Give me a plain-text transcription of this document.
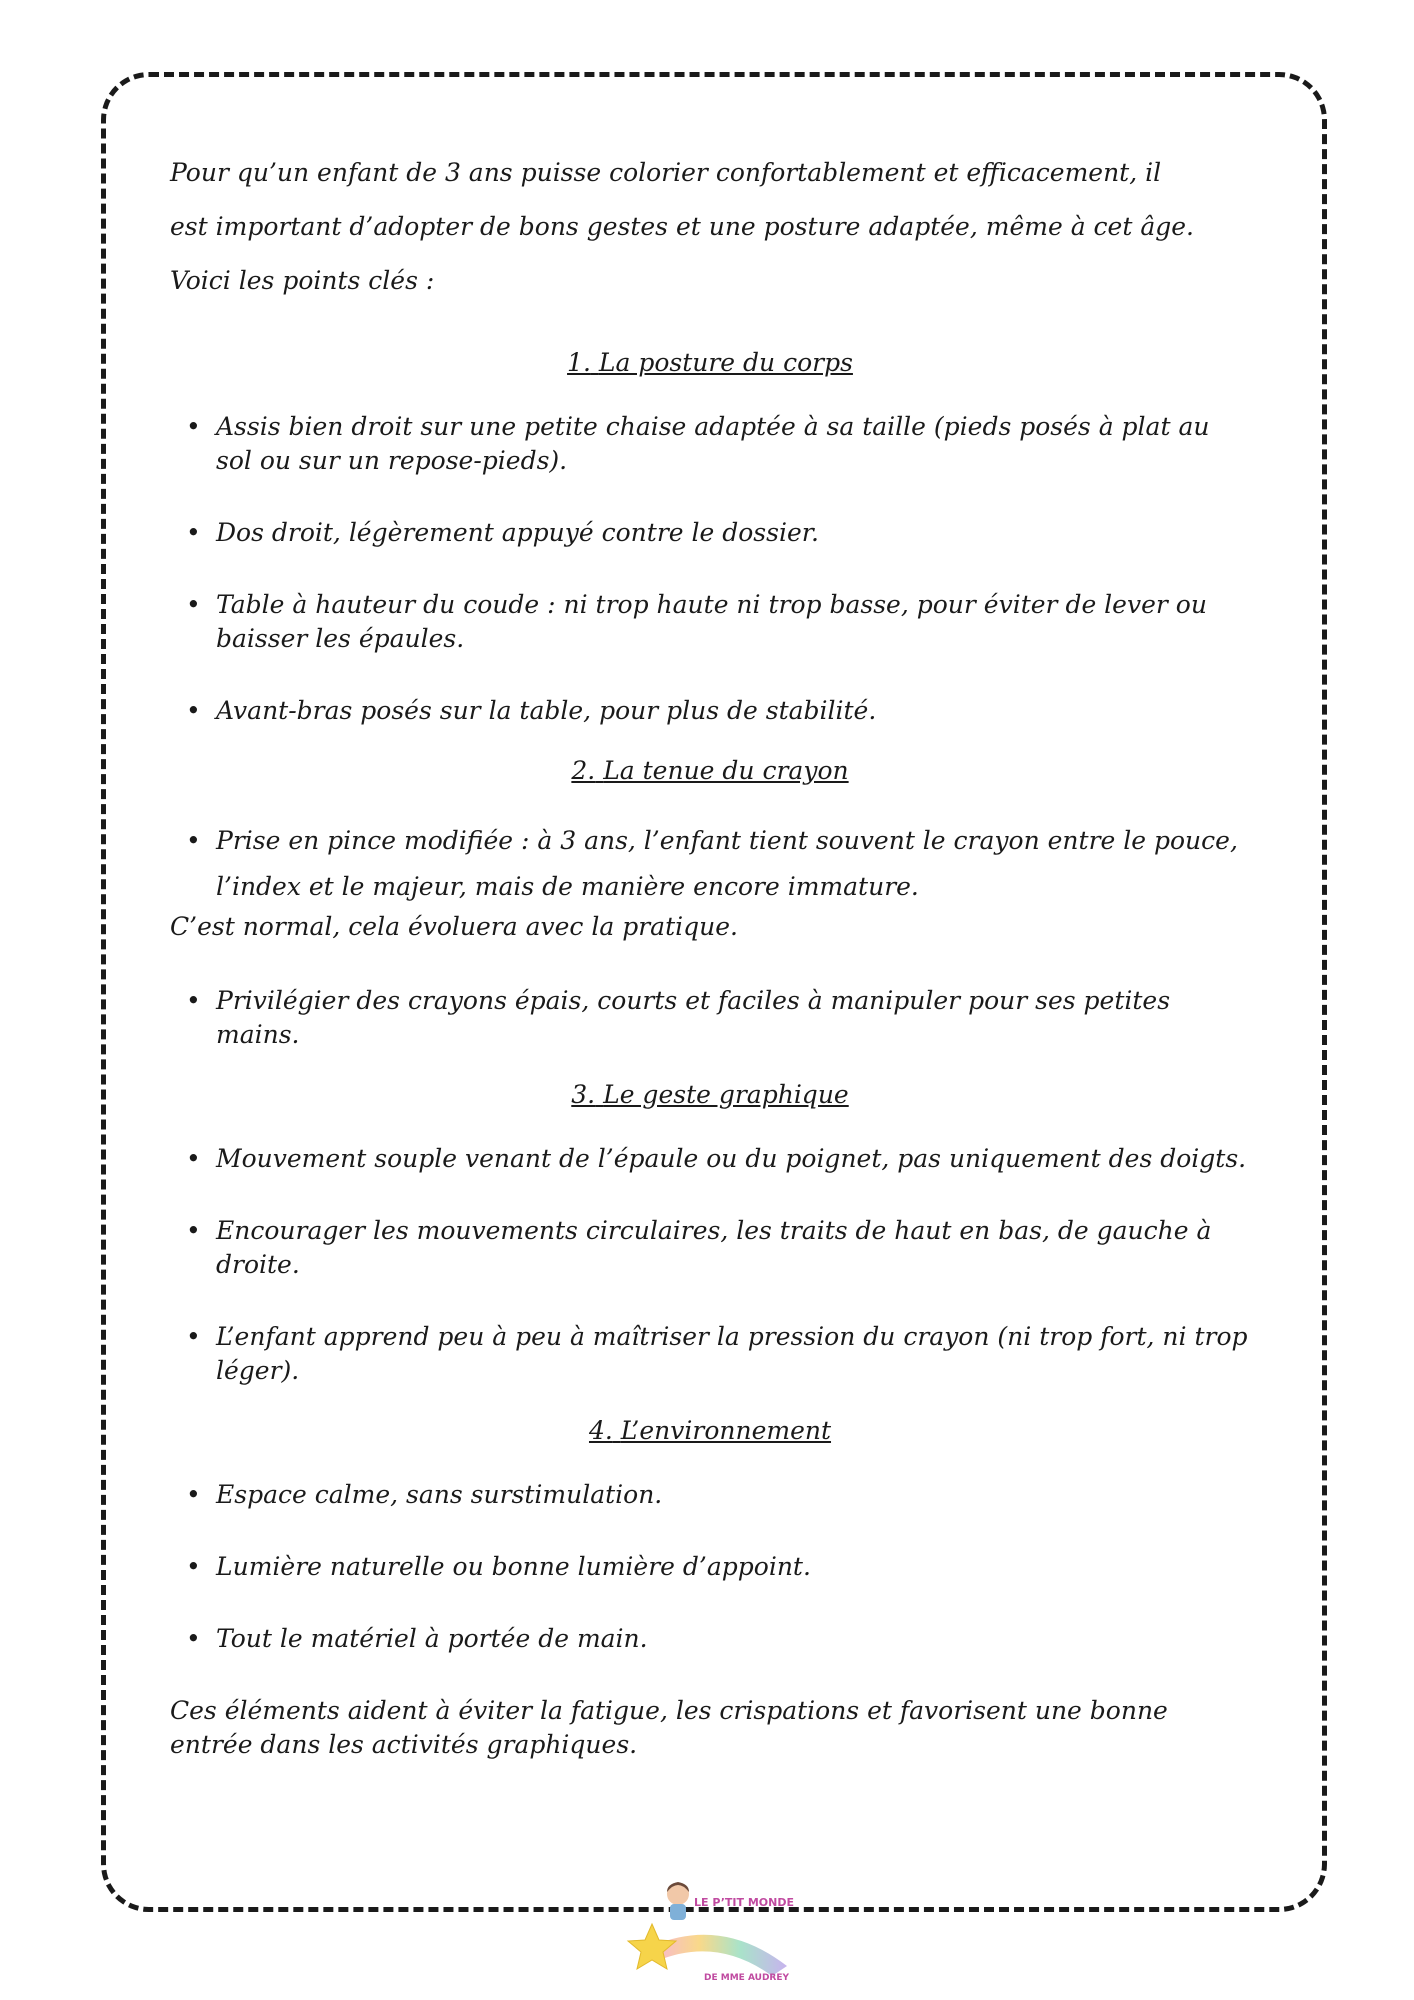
Pour qu’un enfant de 3 ans puisse colorier confortablement et efficacement, il

est important d’adopter de bons gestes et une posture adaptée, même à cet âge.

Voici les points clés :

1. La posture du corps

• Assis bien droit sur une petite chaise adaptée à sa taille (pieds posés à plat au sol ou sur un repose-pieds).
• Dos droit, légèrement appuyé contre le dossier.
• Table à hauteur du coude : ni trop haute ni trop basse, pour éviter de lever ou baisser les épaules.
• Avant-bras posés sur la table, pour plus de stabilité.

2. La tenue du crayon

• Prise en pince modifiée : à 3 ans, l’enfant tient souvent le crayon entre le pouce, l’index et le majeur, mais de manière encore immature.

C’est normal, cela évoluera avec la pratique.

• Privilégier des crayons épais, courts et faciles à manipuler pour ses petites mains.

3. Le geste graphique

• Mouvement souple venant de l’épaule ou du poignet, pas uniquement des doigts.
• Encourager les mouvements circulaires, les traits de haut en bas, de gauche à droite.
• L’enfant apprend peu à peu à maîtriser la pression du crayon (ni trop fort, ni trop léger).

4. L’environnement

• Espace calme, sans surstimulation.
• Lumière naturelle ou bonne lumière d’appoint.
• Tout le matériel à portée de main.

Ces éléments aident à éviter la fatigue, les crispations et favorisent une bonne entrée dans les activités graphiques.

LE P’TIT MONDE
DE MME AUDREY
